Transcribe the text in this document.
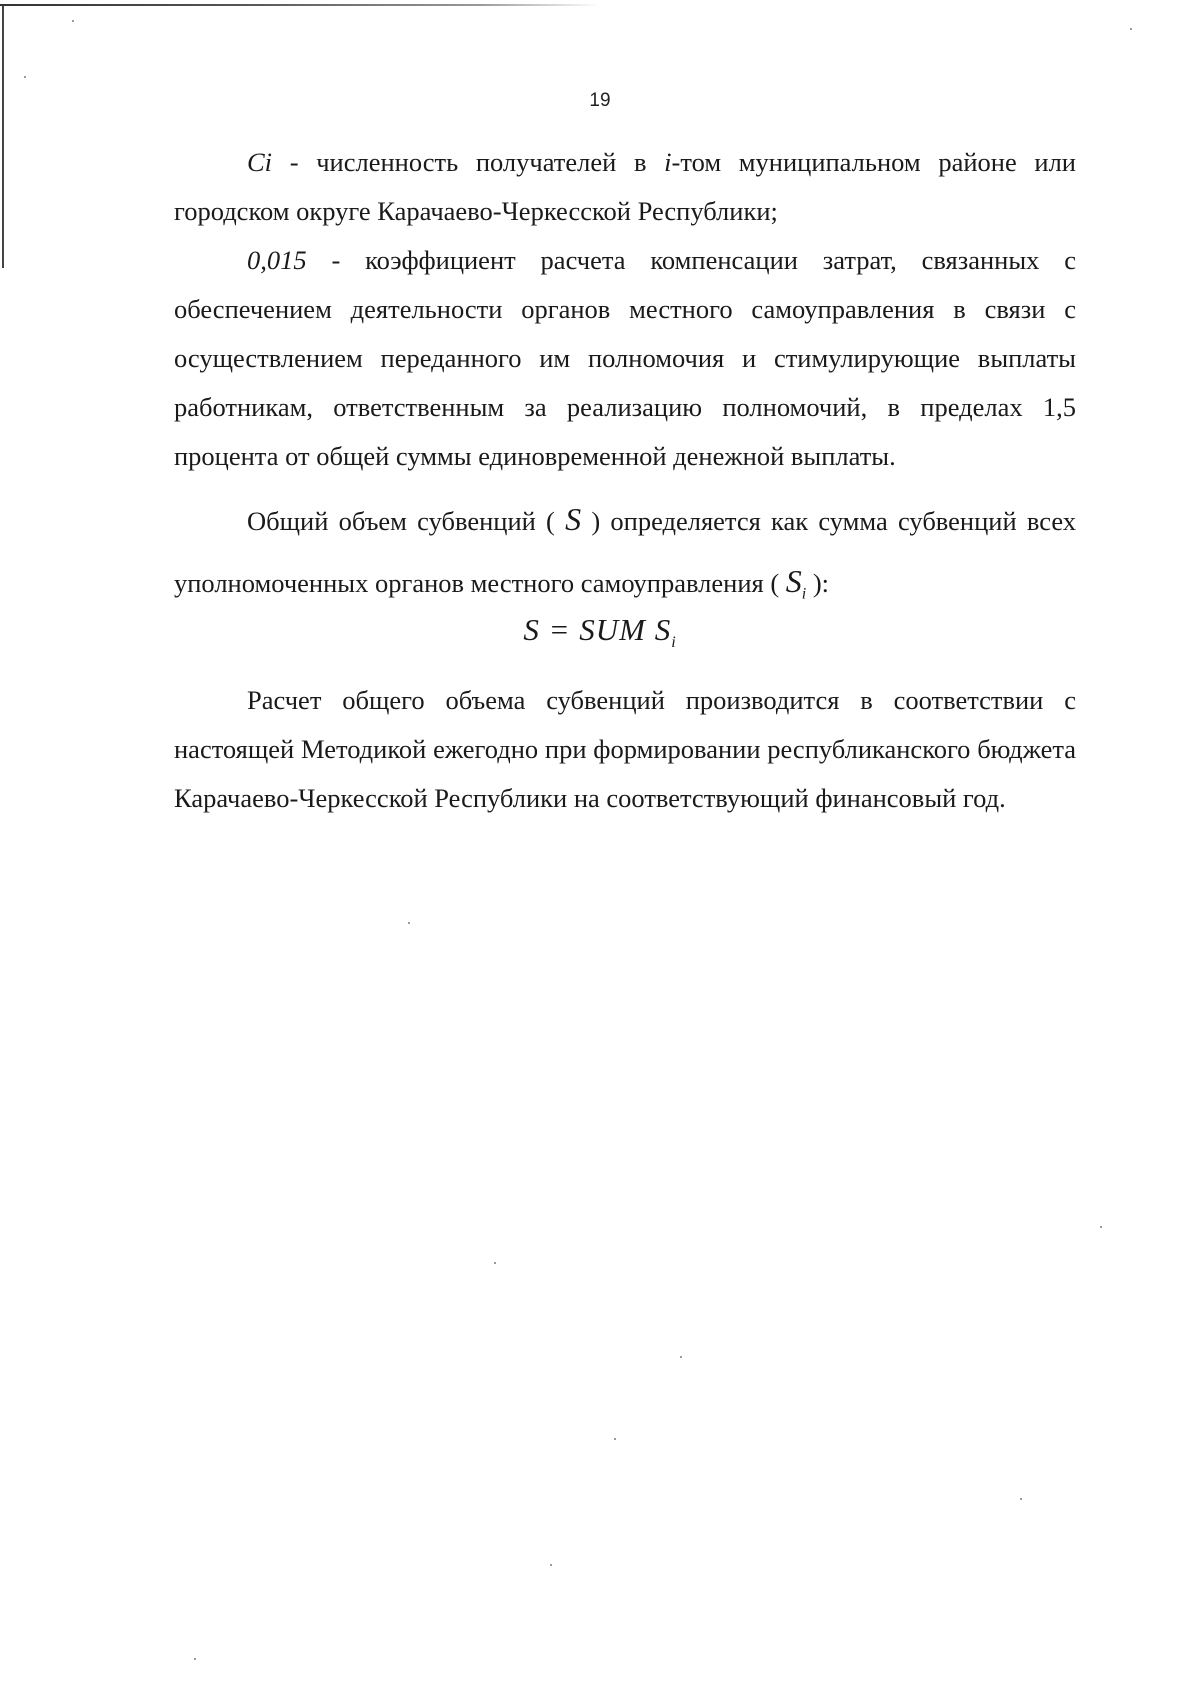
19

Ci - численность получателей в i-том муниципальном районе или городском округе Карачаево-Черкесской Республики;

0,015 - коэффициент расчета компенсации затрат, связанных с обеспечением деятельности органов местного самоуправления в связи с осуществлением переданного им полномочия и стимулирующие выплаты работникам, ответственным за реализацию полномочий, в пределах 1,5 процента от общей суммы единовременной денежной выплаты.

Общий объем субвенций ( S ) определяется как сумма субвенций всех уполномоченных органов местного самоуправления ( $S_i$ ):

S = SUM $S_i$

Расчет общего объема субвенций производится в соответствии с настоящей Методикой ежегодно при формировании республиканского бюджета Карачаево-Черкесской Республики на соответствующий финансовый год.
